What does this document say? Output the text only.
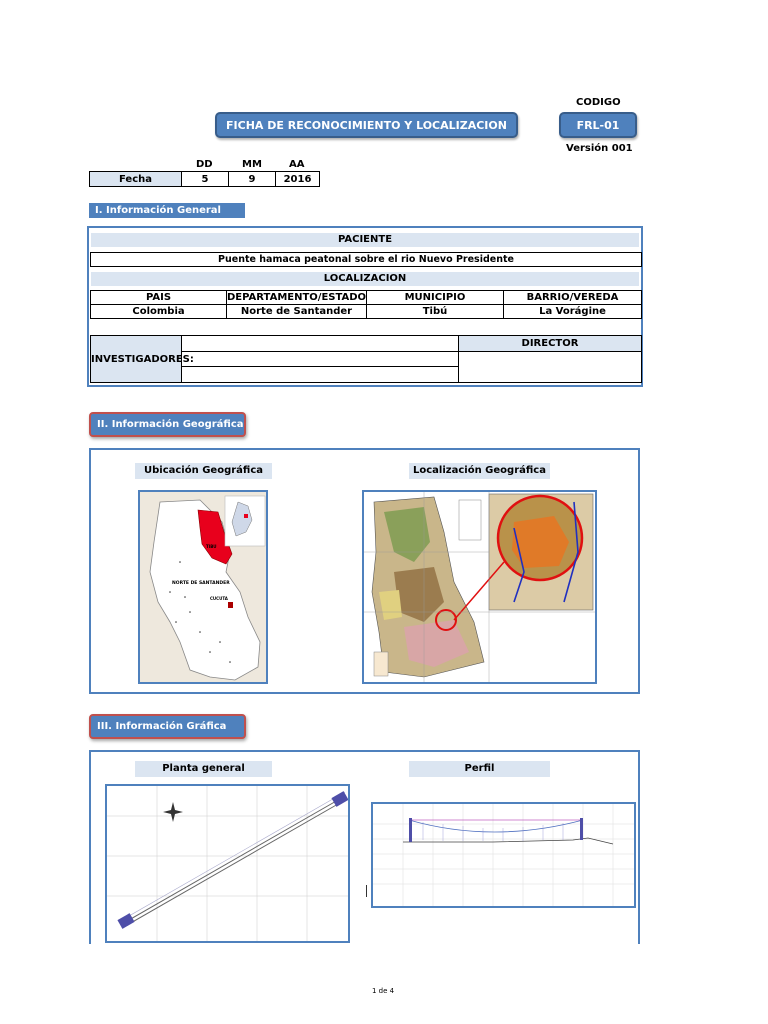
CODIGO
FICHA DE RECONOCIMIENTO Y LOCALIZACION	FRL-01
Versión 001
DD	MM	AA
Fecha	5	9	2016
I. Información General
PACIENTE
Puente hamaca peatonal sobre el rio Nuevo Presidente
LOCALIZACION
PAIS	DEPARTAMENTO/ESTADO	MUNICIPIO	BARRIO/VEREDA
Colombia	Norte de Santander	Tibú	La Vorágine
INVESTIGADORES:
DIRECTOR
II. Información Geográfica
Ubicación Geográfica	Localización Geográfica
TIBU
NORTE DE SANTANDER
CUCUTA
III. Información Gráfica
Planta general	Perfil
1 de 4
